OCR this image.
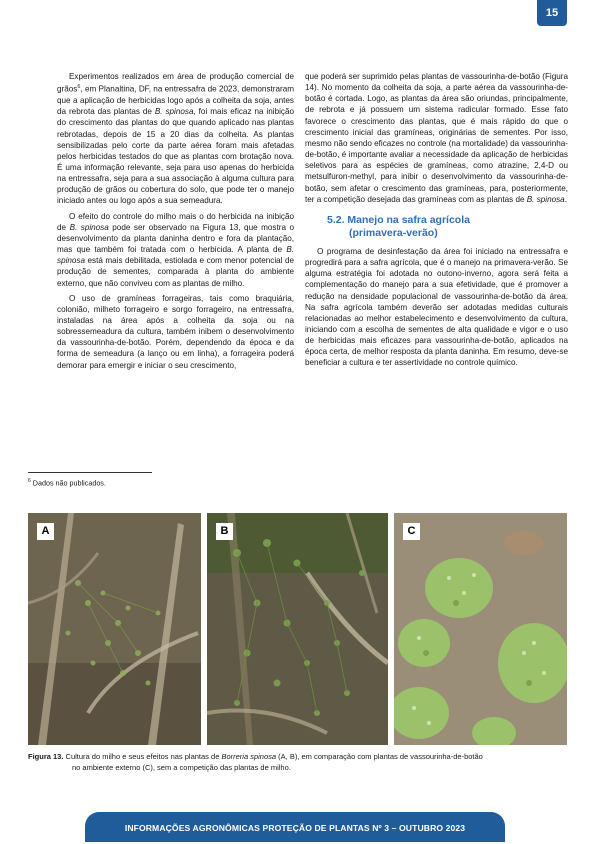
15

Experimentos realizados em área de produção comercial de grãos$^6$, em Planaltina, DF, na entressafra de 2023, demonstraram que a aplicação de herbicidas logo após a colheita da soja, antes da rebrota das plantas de B. spinosa, foi mais eficaz na inibição do crescimento das plantas do que quando aplicado nas plantas rebrotadas, depois de 15 a 20 dias da colheita. As plantas sensibilizadas pelo corte da parte aérea foram mais afetadas pelos herbicidas testados do que as plantas com brotação nova. É uma informação relevante, seja para uso apenas do herbicida na entressafra, seja para a sua associação à alguma cultura para produção de grãos ou cobertura do solo, que pode ter o manejo iniciado antes ou logo após a sua semeadura.

O efeito do controle do milho mais o do herbicida na inibição de B. spinosa pode ser observado na Figura 13, que mostra o desenvolvimento da planta daninha dentro e fora da plantação, mas que também foi tratada com o herbicida. A planta de B. spinosa está mais debilitada, estiolada e com menor potencial de produção de sementes, comparada à planta do ambiente externo, que não conviveu com as plantas de milho.

O uso de gramíneas forrageiras, tais como braquiária, colonião, milheto forrageiro e sorgo forrageiro, na entressafra, instaladas na área após a colheita da soja ou na sobressemeadura da cultura, também inibem o desenvolvimento da vassourinha-de-botão. Porém, dependendo da época e da forma de semeadura (a lanço ou em linha), a forrageira poderá demorar para emergir e iniciar o seu crescimento,

que poderá ser suprimido pelas plantas de vassourinha-de-botão (Figura 14). No momento da colheita da soja, a parte aérea da vassourinha-de-botão é cortada. Logo, as plantas da área são oriundas, principalmente, de rebrota e já possuem um sistema radicular formado. Esse fato favorece o crescimento das plantas, que é mais rápido do que o crescimento inicial das gramíneas, originárias de sementes. Por isso, mesmo não sendo eficazes no controle (na mortalidade) da vassourinha-de-botão, é importante avaliar a necessidade da aplicação de herbicidas seletivos para as espécies de gramíneas, como atrazine, 2,4-D ou metsulfuron-methyl, para inibir o desenvolvimento da vassourinha-de-botão, sem afetar o crescimento das gramíneas, para, posteriormente, ter a competição desejada das gramíneas com as plantas de B. spinosa.

5.2. Manejo na safra agrícola
(primavera-verão)

O programa de desinfestação da área foi iniciado na entressafra e progredirá para a safra agrícola, que é o manejo na primavera-verão. Se alguma estratégia foi adotada no outono-inverno, agora será feita a complementação do manejo para a sua efetividade, que é promover a redução na densidade populacional de vassourinha-de-botão da área. Na safra agrícola também deverão ser adotadas medidas culturais relacionadas ao melhor estabelecimento e desenvolvimento da cultura, iniciando com a escolha de sementes de alta qualidade e vigor e o uso de herbicidas mais eficazes para vassourinha-de-botão, aplicados na época certa, de melhor resposta da planta daninha. Em resumo, deve-se beneficiar a cultura e ter assertividade no controle químico.

$^6$ Dados não publicados.
A	B	C
Figura 13. Cultura do milho e seus efeitos nas plantas de Borreria spinosa (A, B), em comparação com plantas de vassourinha-de-botão
no ambiente externo (C), sem a competição das plantas de milho.
INFORMAÇÕES AGRONÔMICAS PROTEÇÃO DE PLANTAS Nº 3 – OUTUBRO 2023
